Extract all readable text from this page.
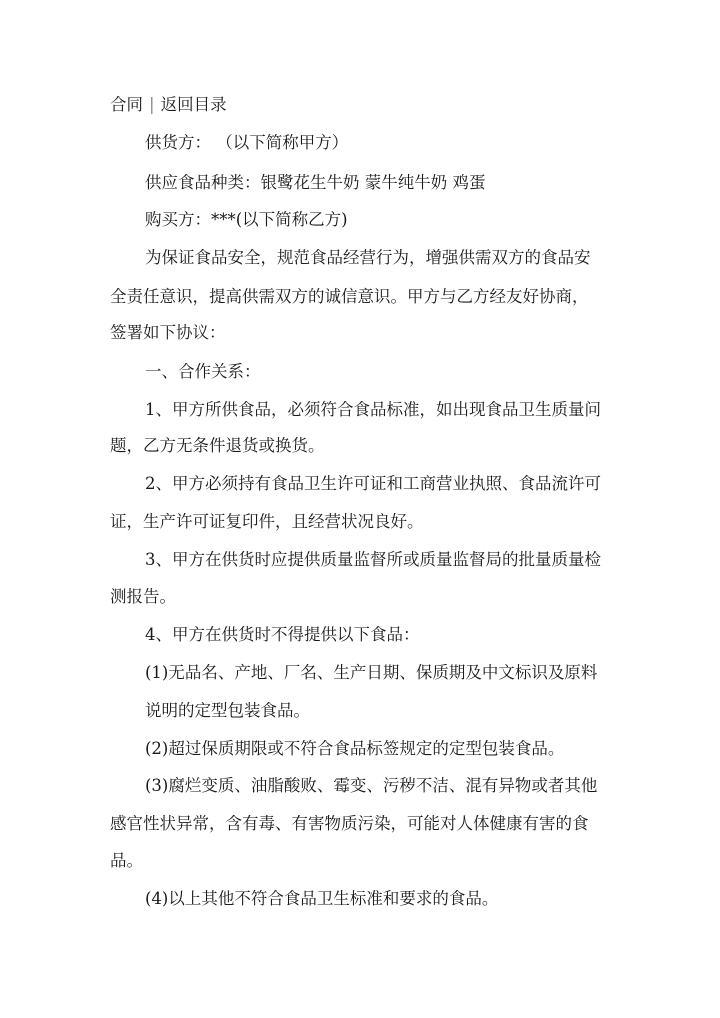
合同 | 返回目录
供货方： （以下简称甲方）
供应食品种类：银鹭花生牛奶 蒙牛纯牛奶 鸡蛋
购买方：***(以下简称乙方)
为保证食品安全，规范食品经营行为，增强供需双方的食品安
全责任意识，提高供需双方的诚信意识。甲方与乙方经友好协商，
签署如下协议：
一、合作关系：
1、甲方所供食品，必须符合食品标准，如出现食品卫生质量问
题，乙方无条件退货或换货。
2、甲方必须持有食品卫生许可证和工商营业执照、食品流许可
证，生产许可证复印件，且经营状况良好。
3、甲方在供货时应提供质量监督所或质量监督局的批量质量检
测报告。
4、甲方在供货时不得提供以下食品：
(1)无品名、产地、厂名、生产日期、保质期及中文标识及原料
说明的定型包装食品。
(2)超过保质期限或不符合食品标签规定的定型包装食品。
(3)腐烂变质、油脂酸败、霉变、污秽不洁、混有异物或者其他
感官性状异常，含有毒、有害物质污染，可能对人体健康有害的食
品。
(4)以上其他不符合食品卫生标准和要求的食品。
